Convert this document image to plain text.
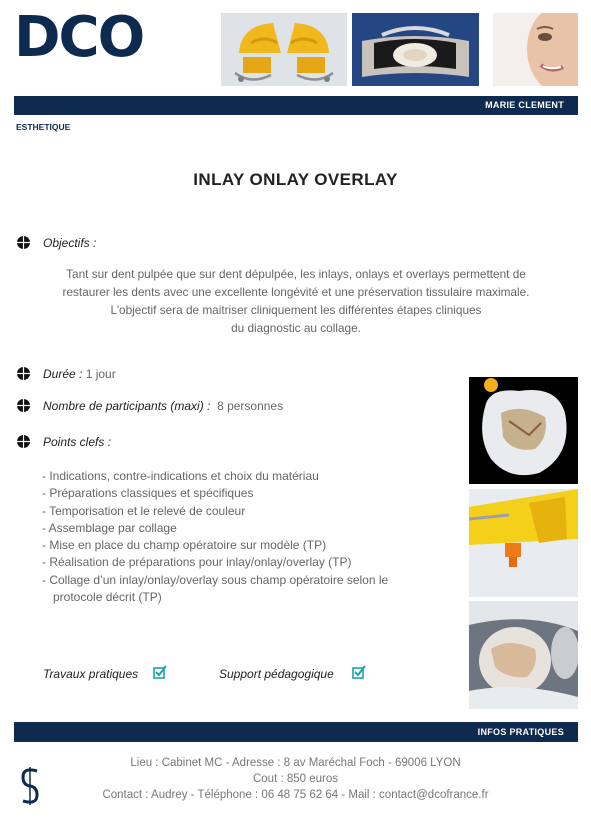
DCO
MARIE CLEMENT
ESTHETIQUE
INLAY ONLAY OVERLAY
Objectifs :
Tant sur dent pulpée que sur dent dépulpée, les inlays, onlays et overlays permettent de
restaurer les dents avec une excellente longévité et une préservation tissulaire maximale.
L’objectif sera de maitriser cliniquement les différentes étapes cliniques
du diagnostic au collage.
Durée : 1 jour
Nombre de participants (maxi) : 8 personnes
Points clefs :
- Indications, contre-indications et choix du matériau
- Préparations classiques et spécifiques
- Temporisation et le relevé de couleur
- Assemblage par collage
- Mise en place du champ opératoire sur modèle (TP)
- Réalisation de préparations pour inlay/onlay/overlay (TP)
- Collage d’un inlay/onlay/overlay sous champ opératoire selon le protocole décrit (TP)
Travaux pratiques	Support pédagogique
INFOS PRATIQUES
Lieu : Cabinet MC - Adresse : 8 av Maréchal Foch - 69006 LYON
Cout : 850 euros
Contact : Audrey - Téléphone : 06 48 75 62 64 - Mail : contact@dcofrance.fr
